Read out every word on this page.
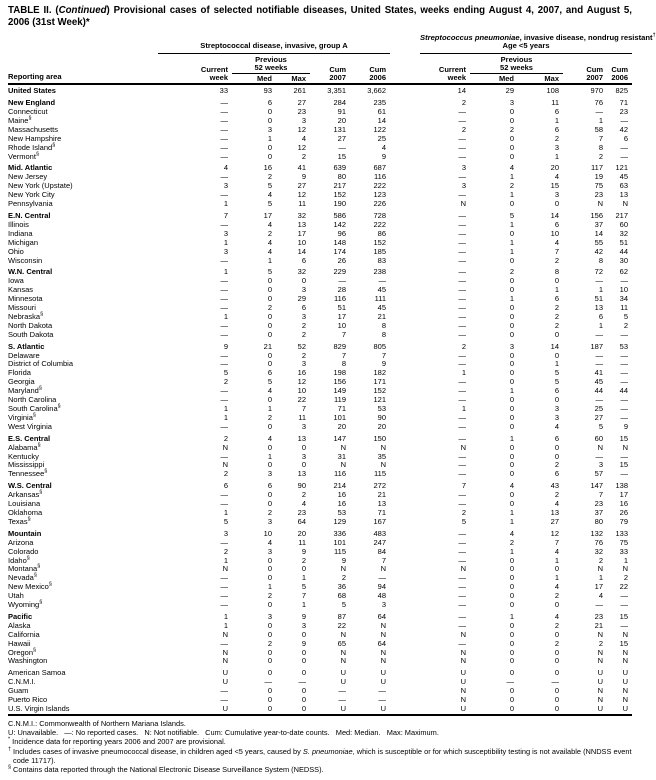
TABLE II. (Continued) Provisional cases of selected notifiable diseases, United States, weeks ending August 4, 2007, and August 5, 2006 (31st Week)*
Reporting area	Streptococcal disease, invasive, group A						Streptococcus pneumoniae, invasive disease, nondrug resistant†
Age <5 years				

Current
week

Previous
52 weeks	Cum
2007

Cum
2006

Current
week

Previous
52 weeks	Cum
2007

Cum
2006

		Med	Max					Med	Max		
United States	33	93	261	3,351	3,662		14	29	108	970	825
New England	—	6	27	284	235		2	3	11	76	71
Connecticut	—	0	23	91	61		—	0	6	—	23
Maine§	—	0	3	20	14		—	0	1	1	—
Massachusetts	—	3	12	131	122		2	2	6	58	42
New Hampshire	—	1	4	27	25		—	0	2	7	6
Rhode Island§	—	0	12	—	4		—	0	3	8	—
Vermont§	—	0	2	15	9		—	0	1	2	—
Mid. Atlantic	4	16	41	639	687		3	4	20	117	121
New Jersey	—	2	9	80	116		—	1	4	19	45
New York (Upstate)	3	5	27	217	222		3	2	15	75	63
New York City	—	4	12	152	123		—	1	3	23	13
Pennsylvania	1	5	11	190	226		N	0	0	N	N
E.N. Central	7	17	32	586	728		—	5	14	156	217
Illinois	—	4	13	142	222		—	1	6	37	60
Indiana	3	2	17	96	86		—	0	10	14	32
Michigan	1	4	10	148	152		—	1	4	55	51
Ohio	3	4	14	174	185		—	1	7	42	44
Wisconsin	—	1	6	26	83		—	0	2	8	30
W.N. Central	1	5	32	229	238		—	2	8	72	62
Iowa	—	0	0	—	—		—	0	0	—	—
Kansas	—	0	3	28	45		—	0	1	1	10
Minnesota	—	0	29	116	111		—	1	6	51	34
Missouri	—	2	6	51	45		—	0	2	13	11
Nebraska§	1	0	3	17	21		—	0	2	6	5
North Dakota	—	0	2	10	8		—	0	2	1	2
South Dakota	—	0	2	7	8		—	0	0	—	—
S. Atlantic	9	21	52	829	805		2	3	14	187	53
Delaware	—	0	2	7	7		—	0	0	—	—
District of Columbia	—	0	3	8	9		—	0	1	—	—
Florida	5	6	16	198	182		1	0	5	41	—
Georgia	2	5	12	156	171		—	0	5	45	—
Maryland§	—	4	10	149	152		—	1	6	44	44
North Carolina	—	0	22	119	121		—	0	0	—	—
South Carolina§	1	1	7	71	53		1	0	3	25	—
Virginia§	1	2	11	101	90		—	0	3	27	—
West Virginia	—	0	3	20	20		—	0	4	5	9
E.S. Central	2	4	13	147	150		—	1	6	60	15
Alabama§	N	0	0	N	N		N	0	0	N	N
Kentucky	—	1	3	31	35		—	0	0	—	—
Mississippi	N	0	0	N	N		—	0	2	3	15
Tennessee§	2	3	13	116	115		—	0	6	57	—
W.S. Central	6	6	90	214	272		7	4	43	147	138
Arkansas§	—	0	2	16	21		—	0	2	7	17
Louisiana	—	0	4	16	13		—	0	4	23	16
Oklahoma	1	2	23	53	71		2	1	13	37	26
Texas§	5	3	64	129	167		5	1	27	80	79
Mountain	3	10	20	336	483		—	4	12	132	133
Arizona	—	4	11	101	247		—	2	7	76	75
Colorado	2	3	9	115	84		—	1	4	32	33
Idaho§	1	0	2	9	7		—	0	1	2	1
Montana§	N	0	0	N	N		N	0	0	N	N
Nevada§	—	0	1	2	—		—	0	1	1	2
New Mexico§	—	1	5	36	94		—	0	4	17	22
Utah	—	2	7	68	48		—	0	2	4	—
Wyoming§	—	0	1	5	3		—	0	0	—	—
Pacific	1	3	9	87	64		—	1	4	23	15
Alaska	1	0	3	22	N		—	0	2	21	—
California	N	0	0	N	N		N	0	0	N	N
Hawaii	—	2	9	65	64		—	0	2	2	15
Oregon§	N	0	0	N	N		N	0	0	N	N
Washington	N	0	0	N	N		N	0	0	N	N
American Samoa	U	0	0	U	U		U	0	0	U	U
C.N.M.I.	U	—	—	U	U		U	—	—	U	U
Guam	—	0	0	—	—		N	0	0	N	N
Puerto Rico	—	0	0	—	—		N	0	0	N	N
U.S. Virgin Islands	U	0	0	U	U		U	0	0	U	U
C.N.M.I.: Commonwealth of Northern Mariana Islands.
U: Unavailable.   —: No reported cases.   N: Not notifiable.   Cum: Cumulative year-to-date counts.   Med: Median.   Max: Maximum.
* Incidence data for reporting years 2006 and 2007 are provisional.
† Includes cases of invasive pneumococcal disease, in children aged <5 years, caused by S. pneumoniae, which is susceptible or for which susceptibility testing is not available (NNDSS event code 11717).
§ Contains data reported through the National Electronic Disease Surveillance System (NEDSS).
